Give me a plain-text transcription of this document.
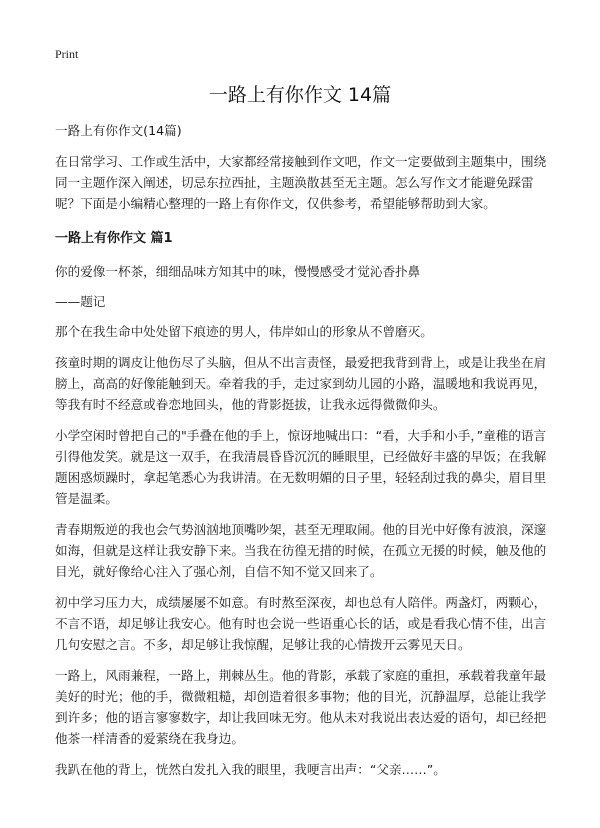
Print
一路上有你作文 14篇

一路上有你作文(14篇)

在日常学习、工作或生活中，大家都经常接触到作文吧，作文一定要做到主题集中，围绕同一主题作深入阐述，切忌东拉西扯，主题涣散甚至无主题。怎么写作文才能避免踩雷呢？下面是小编精心整理的一路上有你作文，仅供参考，希望能够帮助到大家。

一路上有你作文 篇1

你的爱像一杯茶，细细品味方知其中的味，慢慢感受才觉沁香扑鼻

——题记

那个在我生命中处处留下痕迹的男人，伟岸如山的形象从不曾磨灭。

孩童时期的调皮让他伤尽了头脑，但从不出言责怪，最爱把我背到背上，或是让我坐在肩膀上，高高的好像能触到天。牵着我的手，走过家到幼儿园的小路，温暖地和我说再见，等我有时不经意或眷恋地回头，他的背影挺拔，让我永远得微微仰头。

小学空闲时曾把自己的"手叠在他的手上，惊讶地喊出口：“看，大手和小手，”童稚的语言引得他发笑。就是这一双手，在我清晨昏昏沉沉的睡眼里，已经做好丰盛的早饭；在我解题困惑烦躁时，拿起笔悉心为我讲清。在无数明媚的日子里，轻轻刮过我的鼻尖，眉目里管是温柔。

青春期叛逆的我也会气势汹汹地顶嘴吵架，甚至无理取闹。他的目光中好像有波浪，深邃如海，但就是这样让我安静下来。当我在彷徨无措的时候，在孤立无援的时候，触及他的目光，就好像给心注入了强心剂，自信不知不觉又回来了。

初中学习压力大，成绩屡屡不如意。有时熬至深夜，却也总有人陪伴。两盏灯，两颗心，不言不语，却足够让我安心。他有时也会说一些语重心长的话，或是看我心情不佳，出言几句安慰之言。不多，却足够让我惊醒，足够让我的心情拨开云雾见天日。

一路上，风雨兼程，一路上，荆棘丛生。他的背影，承载了家庭的重担，承载着我童年最美好的时光；他的手，微微粗糙，却创造着很多事物；他的目光，沉静温厚，总能让我学到许多；他的语言寥寥数字，却让我回味无穷。他从未对我说出表达爱的语句，却已经把他茶一样清香的爱萦绕在我身边。

我趴在他的背上，恍然白发扎入我的眼里，我哽言出声：“父亲……”。
